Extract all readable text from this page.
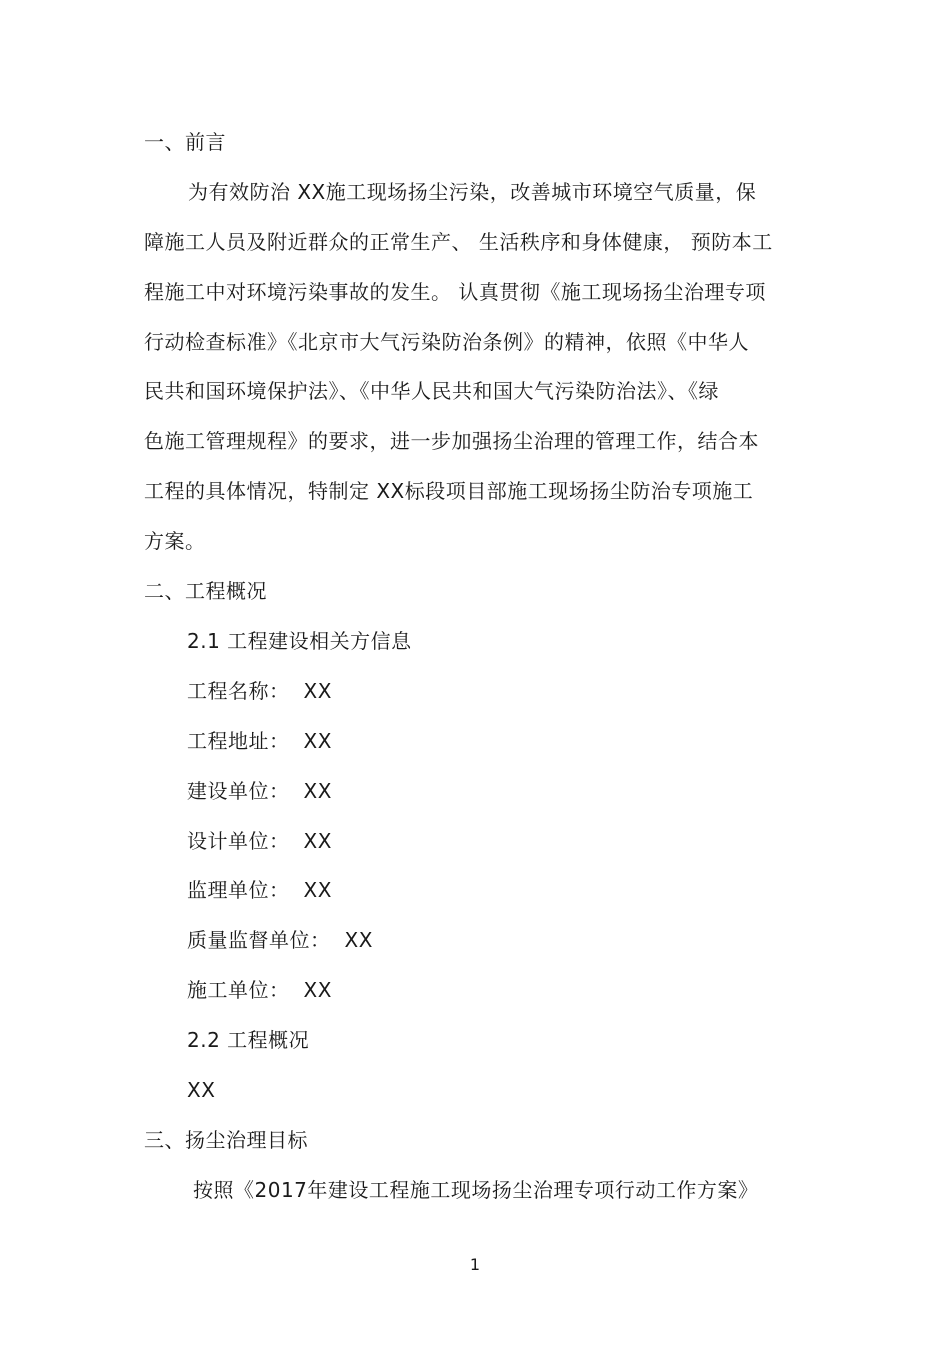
一、前言
为有效防治 XX施工现场扬尘污染，改善城市环境空气质量，保
障施工人员及附近群众的正常生产、 生活秩序和身体健康， 预防本工
程施工中对环境污染事故的发生。 认真贯彻《施工现场扬尘治理专项
行动检查标准》《北京市大气污染防治条例》的精神，依照《中华人
民共和国环境保护法》、《中华人民共和国大气污染防治法》、《绿
色施工管理规程》的要求，进一步加强扬尘治理的管理工作，结合本
工程的具体情况，特制定 XX标段项目部施工现场扬尘防治专项施工
方案。
二、工程概况
2.1 工程建设相关方信息
工程名称： XX
工程地址： XX
建设单位： XX
设计单位： XX
监理单位： XX
质量监督单位： XX
施工单位： XX
2.2 工程概况
XX
三、扬尘治理目标
按照《2017年建设工程施工现场扬尘治理专项行动工作方案》
1
